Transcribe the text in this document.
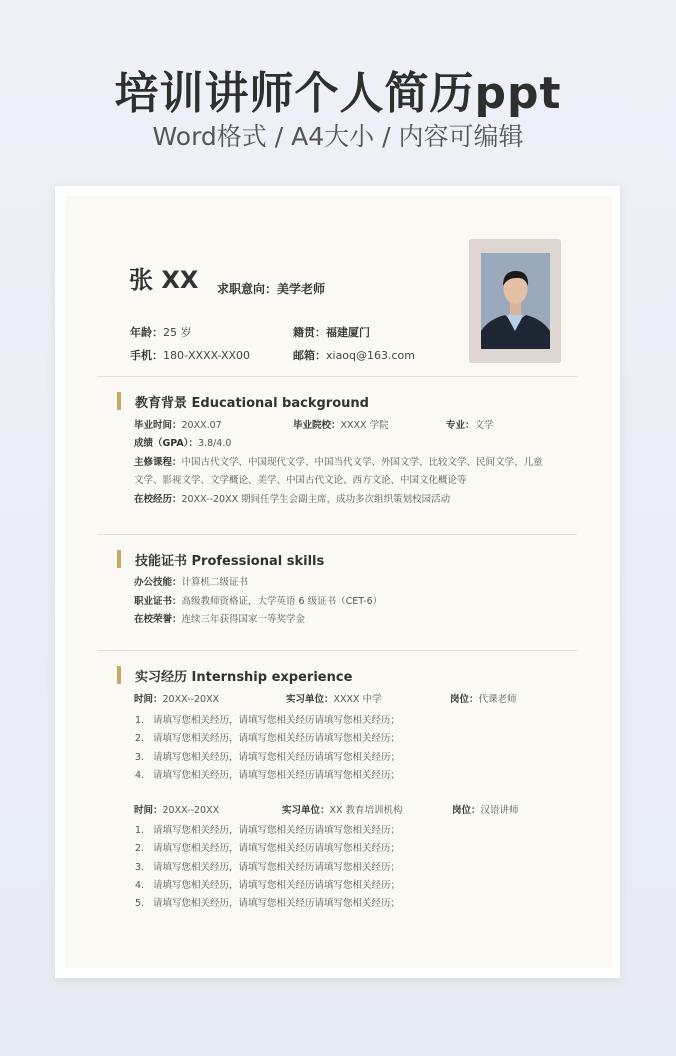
培训讲师个人简历ppt
Word格式 / A4大小 / 内容可编辑
张 XX 求职意向：美学老师
年龄：25 岁	籍贯：福建厦门
手机：180-XXXX-XX00	邮箱：xiaoq@163.com
教育背景 Educational background
毕业时间：20XX.07	毕业院校：XXXX 学院	专业：文学
成绩（GPA）：3.8/4.0
主修课程：中国古代文学、中国现代文学、中国当代文学、外国文学、比较文学、民间文学、儿童
文学、影视文学、文学概论、美学、中国古代文论、西方文论、中国文化概论等
在校经历：20XX--20XX 期间任学生会副主席，成功多次组织策划校园活动
技能证书 Professional skills
办公技能：计算机二级证书
职业证书：高级教师资格证，大学英语 6 级证书（CET-6）
在校荣誉：连续三年获得国家一等奖学金
实习经历 Internship experience
时间：20XX--20XX	实习单位：XXXX 中学	岗位：代课老师
1. 请填写您相关经历，请填写您相关经历请填写您相关经历；
2. 请填写您相关经历，请填写您相关经历请填写您相关经历；
3. 请填写您相关经历，请填写您相关经历请填写您相关经历；
4. 请填写您相关经历，请填写您相关经历请填写您相关经历；
时间：20XX--20XX	实习单位：XX 教育培训机构	岗位：汉语讲师
1. 请填写您相关经历，请填写您相关经历请填写您相关经历；
2. 请填写您相关经历，请填写您相关经历请填写您相关经历；
3. 请填写您相关经历，请填写您相关经历请填写您相关经历；
4. 请填写您相关经历，请填写您相关经历请填写您相关经历；
5. 请填写您相关经历，请填写您相关经历请填写您相关经历；
